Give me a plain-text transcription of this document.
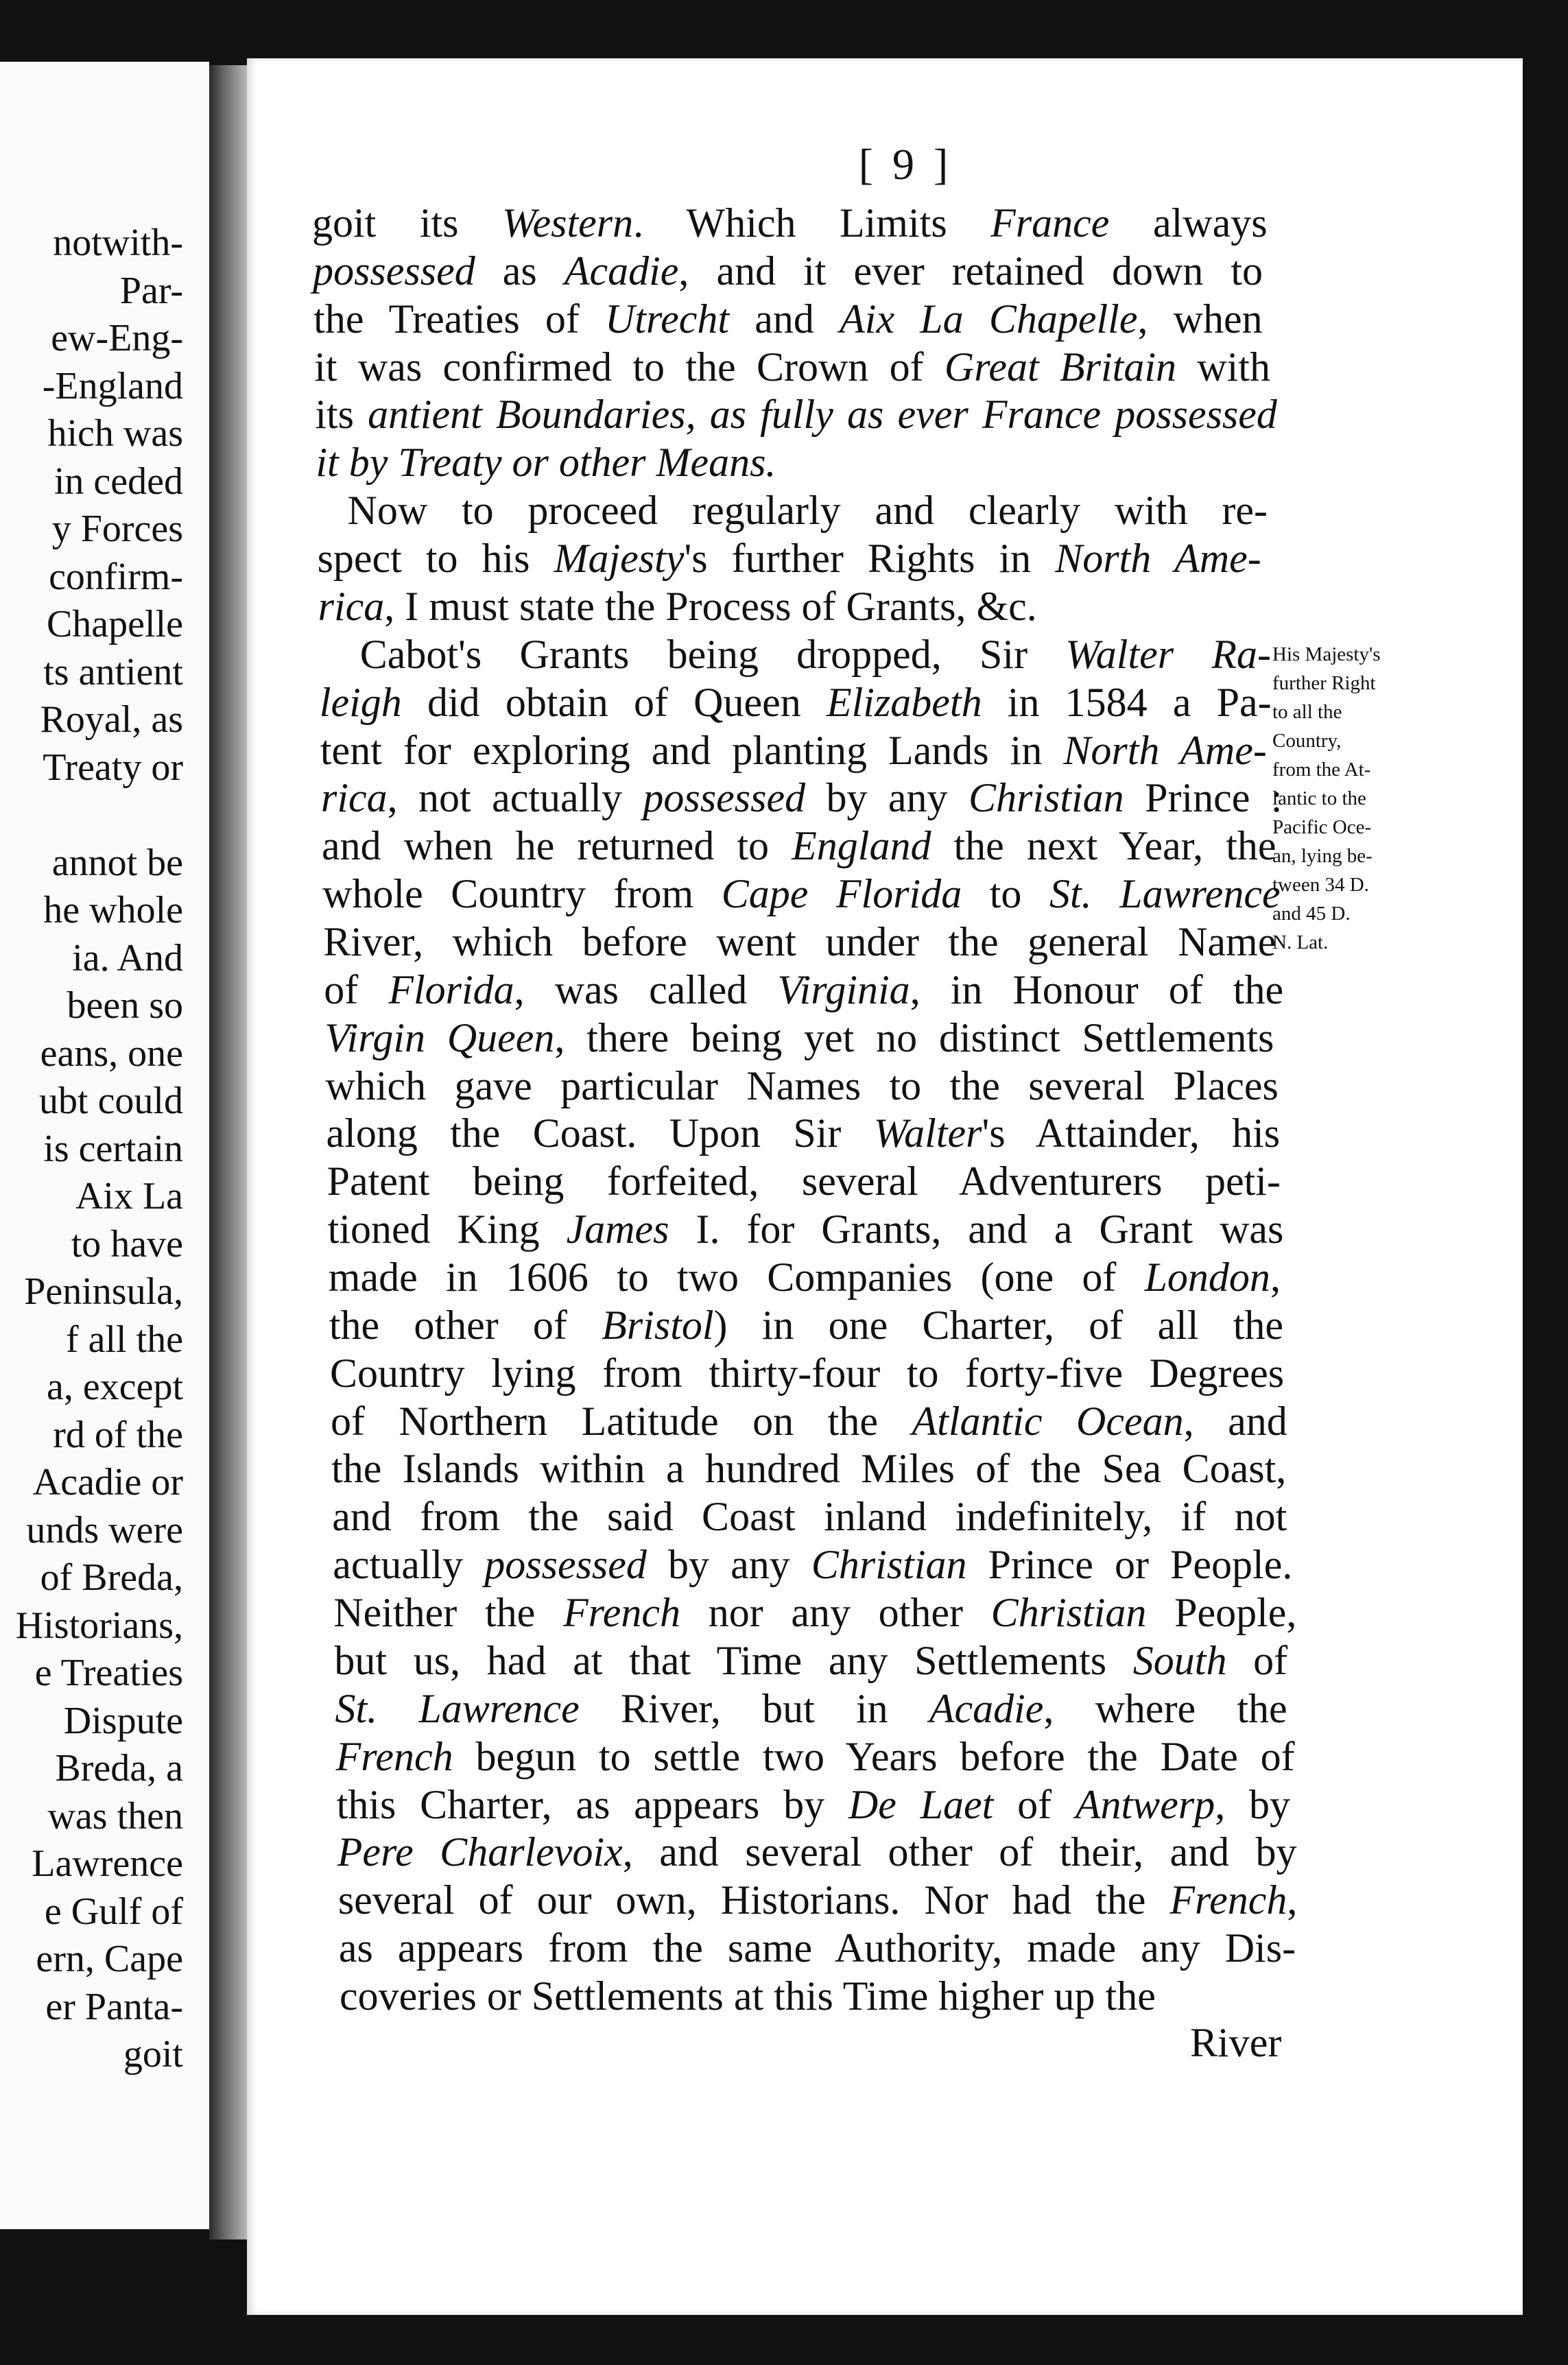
notwith-
Par-
ew-Eng-
-England
hich was
in ceded
y Forces
confirm-
Chapelle
ts antient
Royal, as
Treaty or
annot be
he whole
ia. And
been so
eans, one
ubt could
is certain
Aix La
to have
Peninsula,
f all the
a, except
rd of the
Acadie or
unds were
of Breda,
Historians,
e Treaties
Dispute
Breda, a
was then
Lawrence
e Gulf of
ern, Cape
er Panta-
goit
[ 9 ]
goit its Western. Which Limits France always
possessed as Acadie, and it ever retained down to
the Treaties of Utrecht and Aix La Chapelle, when
it was confirmed to the Crown of Great Britain with
its antient Boundaries, as fully as ever France possessed
it by Treaty or other Means.
Now to proceed regularly and clearly with re-
spect to his Majesty's further Rights in North Ame-
rica, I must state the Process of Grants, &c.
Cabot's Grants being dropped, Sir Walter Ra-
leigh did obtain of Queen Elizabeth in 1584 a Pa-
tent for exploring and planting Lands in North Ame-
rica, not actually possessed by any Christian Prince :
and when he returned to England the next Year, the
whole Country from Cape Florida to St. Lawrence
River, which before went under the general Name
of Florida, was called Virginia, in Honour of the
Virgin Queen, there being yet no distinct Settlements
which gave particular Names to the several Places
along the Coast. Upon Sir Walter's Attainder, his
Patent being forfeited, several Adventurers peti-
tioned King James I. for Grants, and a Grant was
made in 1606 to two Companies (one of London,
the other of Bristol) in one Charter, of all the
Country lying from thirty-four to forty-five Degrees
of Northern Latitude on the Atlantic Ocean, and
the Islands within a hundred Miles of the Sea Coast,
and from the said Coast inland indefinitely, if not
actually possessed by any Christian Prince or People.
Neither the French nor any other Christian People,
but us, had at that Time any Settlements South of
St. Lawrence River, but in Acadie, where the
French begun to settle two Years before the Date of
this Charter, as appears by De Laet of Antwerp, by
Pere Charlevoix, and several other of their, and by
several of our own, Historians. Nor had the French,
as appears from the same Authority, made any Dis-
coveries or Settlements at this Time higher up the
His Majesty's
further Right
to all the
Country,
from the At-
lantic to the
Pacific Oce-
an, lying be-
tween 34 D.
and 45 D.
N. Lat.
River
